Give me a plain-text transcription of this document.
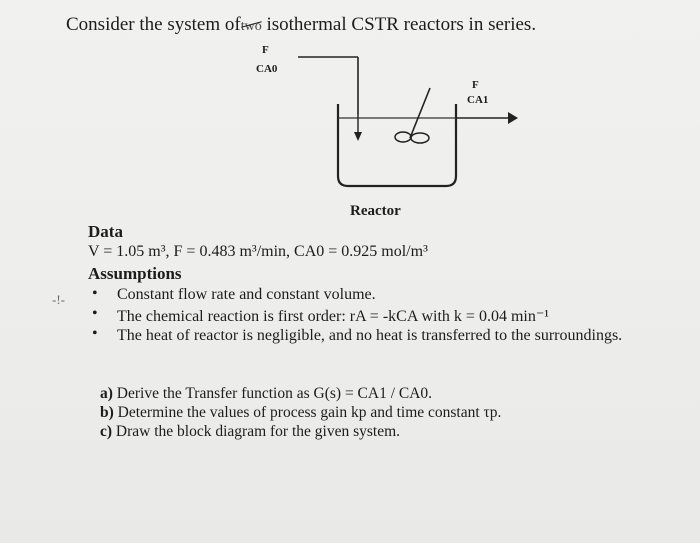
Consider the system oftwo isothermal CSTR reactors in series.
F
CA0
F
CA1
Reactor
Data
V = 1.05 m³, F = 0.483 m³/min, CA0 = 0.925 mol/m³
Assumptions
-!- • Constant flow rate and constant volume.
• The chemical reaction is first order: rA = -kCA with k = 0.04 min⁻¹
• The heat of reactor is negligible, and no heat is transferred to the surroundings.
a) Derive the Transfer function as G(s) = CA1 / CA0.
b) Determine the values of process gain kp and time constant τp.
c) Draw the block diagram for the given system.
